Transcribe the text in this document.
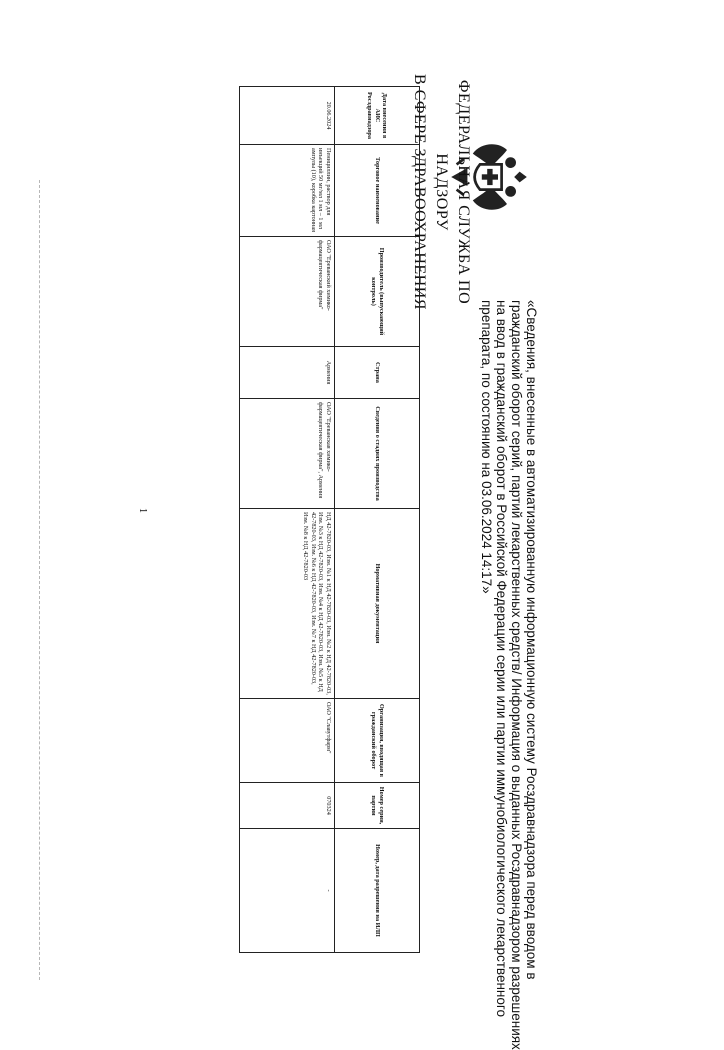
ФЕДЕРАЛЬНАЯ СЛУЖБА ПО НАДЗОРУ
В СФЕРЕ ЗДРАВООХРАНЕНИЯ
«Сведения, внесенные в автоматизированную информационную систему Росздравнадзора перед вводом в
гражданский оборот серий, партий лекарственных средств/ Информация о выданных Росздравнадзором разрешениях
на ввод в гражданский оборот в Российской Федерации серии или партии иммунобиологического лекарственного
препарата, по состоянию на 03.06.2024 14:17»
Дата внесения в АИС Росздравнадзора	Торговое наименование	Производитель (выпускающий контроль)	Страна	Сведения о стадиях производства	Нормативная документация	Организация, вводящая в гражданский оборот	Номер серии, партии	Номер, дата разрешения на ИЛП
20.06.2024	Пенициллин, раствор для инъекций 50 мг/мл 1 мл – 1 мл ампулы (10), коробка картонная	ОАО "Ереванский химико-фармацевтическая фирма"	Армения	ОАО "Ереванская химико-фармацевтическая фирма", Армения	НД 42-7820-03, Изм. №1 к НД 42-7820-03, Изм. №2 к НД 42-7820-03, Изм. №3 к НД 42-7820-03, Изм. №4 к НД 42-7820-03, Изм. №5 к НД 42-7820-03, Изм. №6 к НД 42-7820-03, Изм. №7 к НД 42-7820-03, Изм. №8 к НД 42-7820-03	ОАО "Славутфарм"	070324	-
1
